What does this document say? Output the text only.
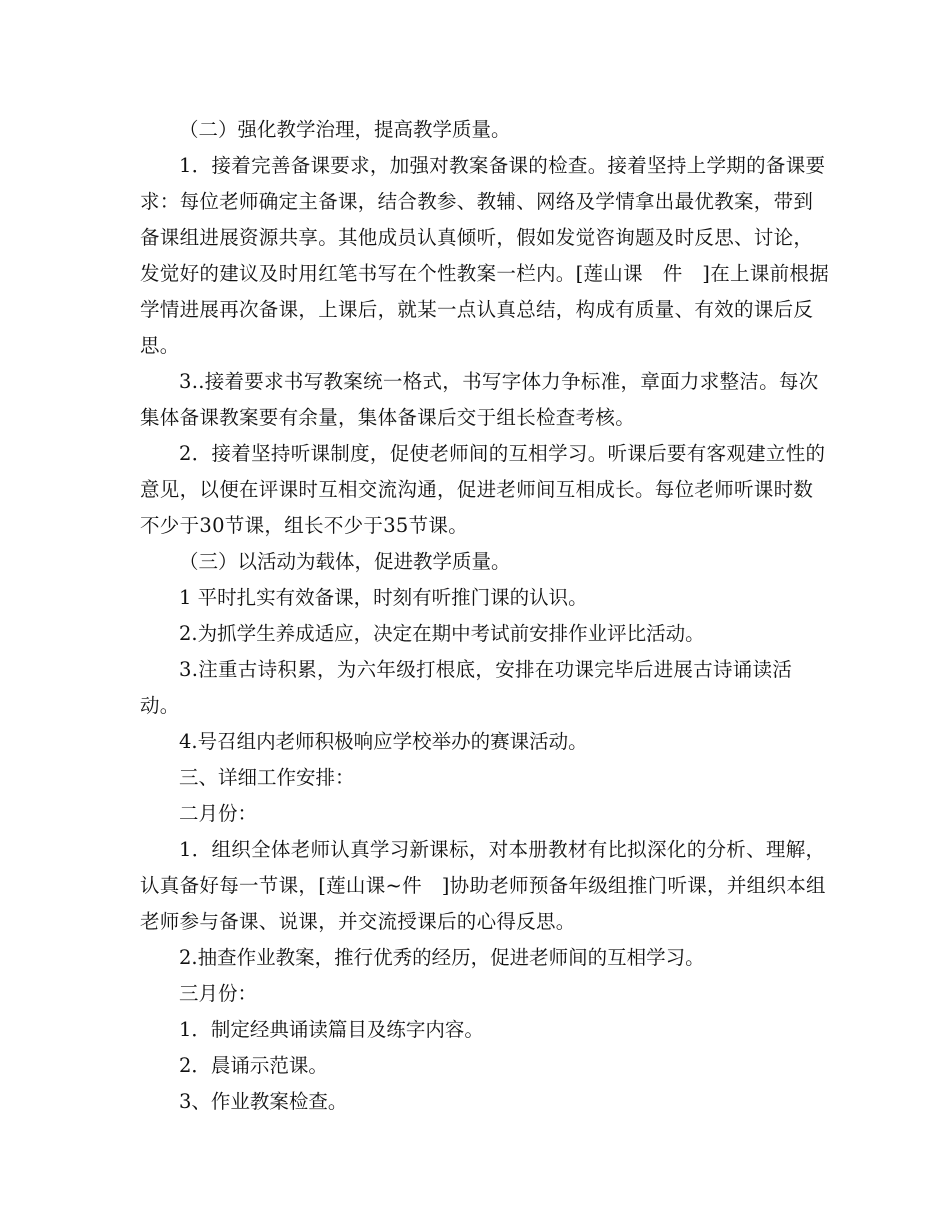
（二）强化教学治理，提高教学质量。

1．接着完善备课要求，加强对教案备课的检查。接着坚持上学期的备课要求：每位老师确定主备课，结合教参、教辅、网络及学情拿出最优教案，带到备课组进展资源共享。其他成员认真倾听，假如发觉咨询题及时反思、讨论，发觉好的建议及时用红笔书写在个性教案一栏内。[莲山课　件　]在上课前根据学情进展再次备课，上课后，就某一点认真总结，构成有质量、有效的课后反思。

3..接着要求书写教案统一格式，书写字体力争标准，章面力求整洁。每次集体备课教案要有余量，集体备课后交于组长检查考核。

2．接着坚持听课制度，促使老师间的互相学习。听课后要有客观建立性的意见，以便在评课时互相交流沟通，促进老师间互相成长。每位老师听课时数不少于30节课，组长不少于35节课。

（三）以活动为载体，促进教学质量。

1 平时扎实有效备课，时刻有听推门课的认识。

2.为抓学生养成适应，决定在期中考试前安排作业评比活动。

3.注重古诗积累，为六年级打根底，安排在功课完毕后进展古诗诵读活动。

4.号召组内老师积极响应学校举办的赛课活动。

三、详细工作安排：

二月份：

1．组织全体老师认真学习新课标，对本册教材有比拟深化的分析、理解，认真备好每一节课，[莲山课~件　]协助老师预备年级组推门听课，并组织本组老师参与备课、说课，并交流授课后的心得反思。

2.抽查作业教案，推行优秀的经历，促进老师间的互相学习。

三月份：

1．制定经典诵读篇目及练字内容。

2．晨诵示范课。

3、作业教案检查。
